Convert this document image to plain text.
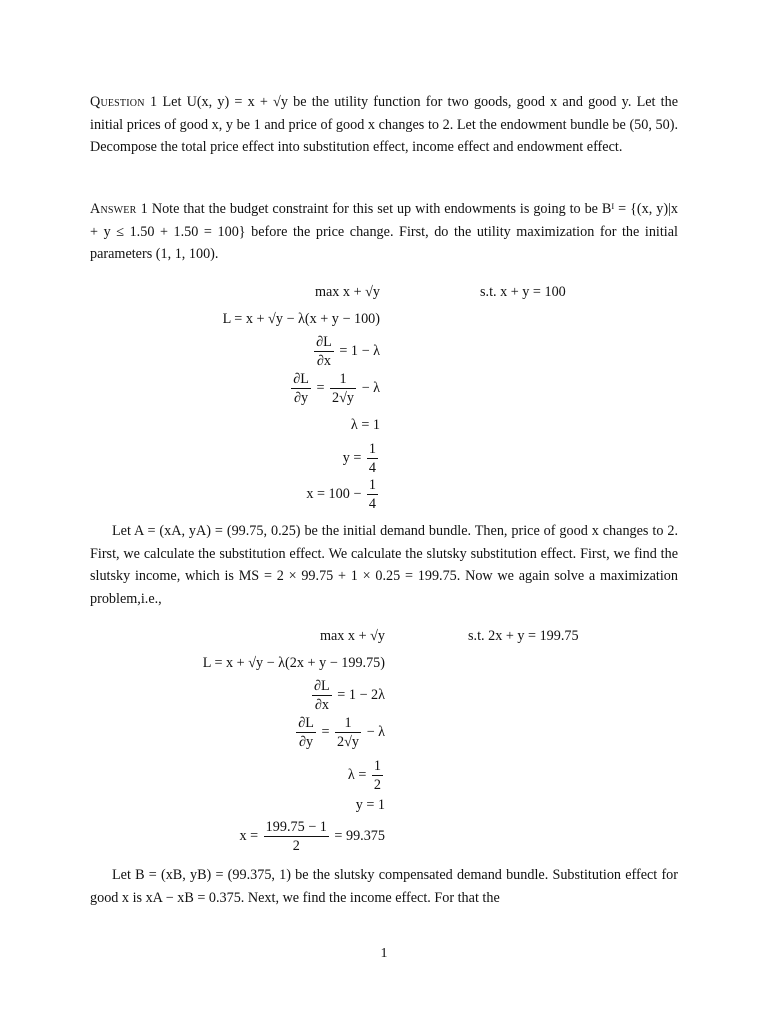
Question 1 Let U(x, y) = x + √y be the utility function for two goods, good x and good y. Let the initial prices of good x, y be 1 and price of good x changes to 2. Let the endowment bundle be (50, 50). Decompose the total price effect into substitution effect, income effect and endowment effect.

Answer 1 Note that the budget constraint for this set up with endowments is going to be Bᴵ = {(x, y)|x + y ≤ 1.50 + 1.50 = 100} before the price change. First, do the utility maximization for the initial parameters (1, 1, 100).

max x + √y	s.t. x + y = 100
L = x + √y − λ(x + y − 100)
$\frac{\partial L}{\partial x} = 1 - \lambda$
$\frac{\partial L}{\partial y} = \frac{1}{2√y} - \lambda$
λ = 1
$y = \frac{1}{4}$
$x = 100 - \frac{1}{4}$

Let A = (xA, yA) = (99.75, 0.25) be the initial demand bundle. Then, price of good x changes to 2. First, we calculate the substitution effect. We calculate the slutsky substitution effect. First, we find the slutsky income, which is MS = 2 × 99.75 + 1 × 0.25 = 199.75. Now we again solve a maximization problem,i.e.,

max x + √y	s.t. 2x + y = 199.75
L = x + √y − λ(2x + y − 199.75)
$\frac{\partial L}{\partial x} = 1 - 2\lambda$
$\frac{\partial L}{\partial y} = \frac{1}{2√y} - \lambda$
$\lambda = \frac{1}{2}$
y = 1
$x = \frac{199.75 - 1}{2} = 99.375$

Let B = (xB, yB) = (99.375, 1) be the slutsky compensated demand bundle. Substitution effect for good x is xA − xB = 0.375. Next, we find the income effect. For that the

1
